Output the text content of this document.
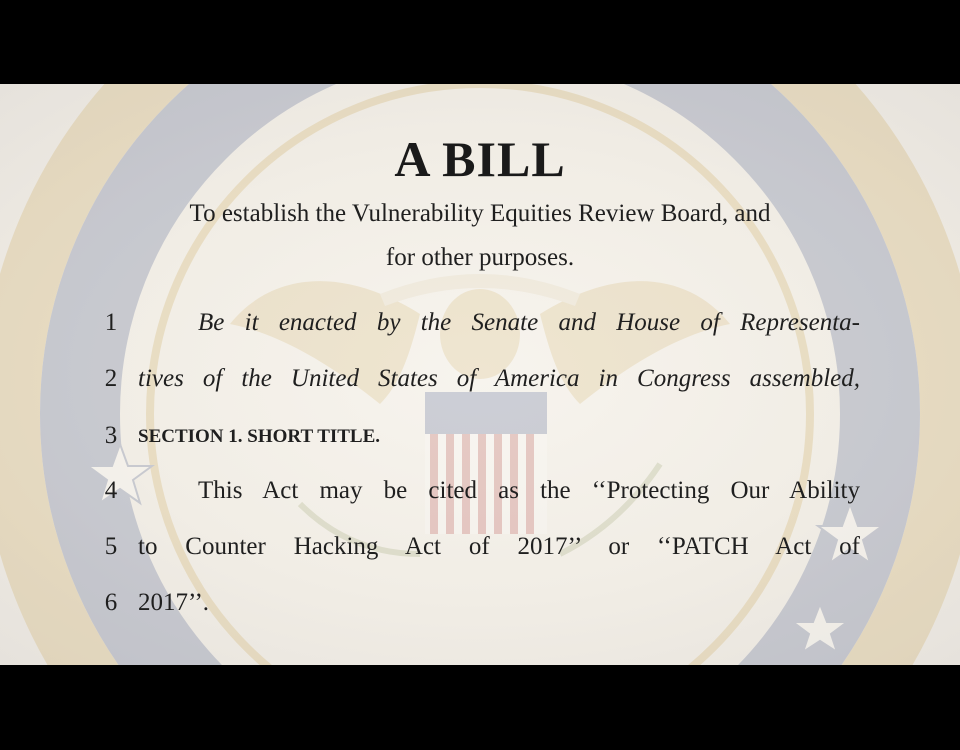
A BILL
To establish the Vulnerability Equities Review Board, and
for other purposes.
1	Be it enacted by the Senate and House of Representa-
2 tives of the United States of America in Congress assembled,
3 SECTION 1. SHORT TITLE.
4	This Act may be cited as the ‘‘Protecting Our Ability
5 to Counter Hacking Act of 2017’’ or ‘‘PATCH Act of
6 2017’’.
